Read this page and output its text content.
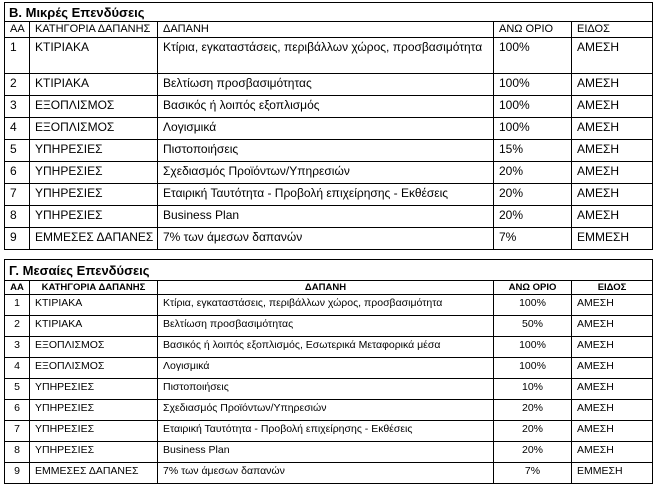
Β. Μικρές Επενδύσεις				
ΑΑ	ΚΑΤΗΓΟΡΙΑ ΔΑΠΑΝΗΣ	ΔΑΠΑΝΗ	ΑΝΩ ΟΡΙΟ	ΕΙΔΟΣ
1	ΚΤΙΡΙΑΚΑ	Κτίρια, εγκαταστάσεις, περιβάλλων χώρος, προσβασιμότητα	100%	ΑΜΕΣΗ
2	ΚΤΙΡΙΑΚΑ	Βελτίωση προσβασιμότητας	100%	ΑΜΕΣΗ
3	ΕΞΟΠΛΙΣΜΟΣ	Βασικός ή λοιπός εξοπλισμός	100%	ΑΜΕΣΗ
4	ΕΞΟΠΛΙΣΜΟΣ	Λογισμικά	100%	ΑΜΕΣΗ
5	ΥΠΗΡΕΣΙΕΣ	Πιστοποιήσεις	15%	ΑΜΕΣΗ
6	ΥΠΗΡΕΣΙΕΣ	Σχεδιασμός Προϊόντων/Υπηρεσιών	20%	ΑΜΕΣΗ
7	ΥΠΗΡΕΣΙΕΣ	Εταιρική Ταυτότητα - Προβολή επιχείρησης - Εκθέσεις	20%	ΑΜΕΣΗ
8	ΥΠΗΡΕΣΙΕΣ	Business Plan	20%	ΑΜΕΣΗ
9	ΕΜΜΕΣΕΣ ΔΑΠΑΝΕΣ	7% των άμεσων δαπανών	7%	ΕΜΜΕΣΗ
Γ. Μεσαίες Επενδύσεις				
ΑΑ	ΚΑΤΗΓΟΡΙΑ ΔΑΠΑΝΗΣ	ΔΑΠΑΝΗ	ΑΝΩ ΟΡΙΟ	ΕΙΔΟΣ
1	ΚΤΙΡΙΑΚΑ	Κτίρια, εγκαταστάσεις, περιβάλλων χώρος, προσβασιμότητα	100%	ΑΜΕΣΗ
2	ΚΤΙΡΙΑΚΑ	Βελτίωση προσβασιμότητας	50%	ΑΜΕΣΗ
3	ΕΞΟΠΛΙΣΜΟΣ	Βασικός ή λοιπός εξοπλισμός, Εσωτερικά Μεταφορικά μέσα	100%	ΑΜΕΣΗ
4	ΕΞΟΠΛΙΣΜΟΣ	Λογισμικά	100%	ΑΜΕΣΗ
5	ΥΠΗΡΕΣΙΕΣ	Πιστοποιήσεις	10%	ΑΜΕΣΗ
6	ΥΠΗΡΕΣΙΕΣ	Σχεδιασμός Προϊόντων/Υπηρεσιών	20%	ΑΜΕΣΗ
7	ΥΠΗΡΕΣΙΕΣ	Εταιρική Ταυτότητα - Προβολή επιχείρησης - Εκθέσεις	20%	ΑΜΕΣΗ
8	ΥΠΗΡΕΣΙΕΣ	Business Plan	20%	ΑΜΕΣΗ
9	ΕΜΜΕΣΕΣ ΔΑΠΑΝΕΣ	7% των άμεσων δαπανών	7%	ΕΜΜΕΣΗ
